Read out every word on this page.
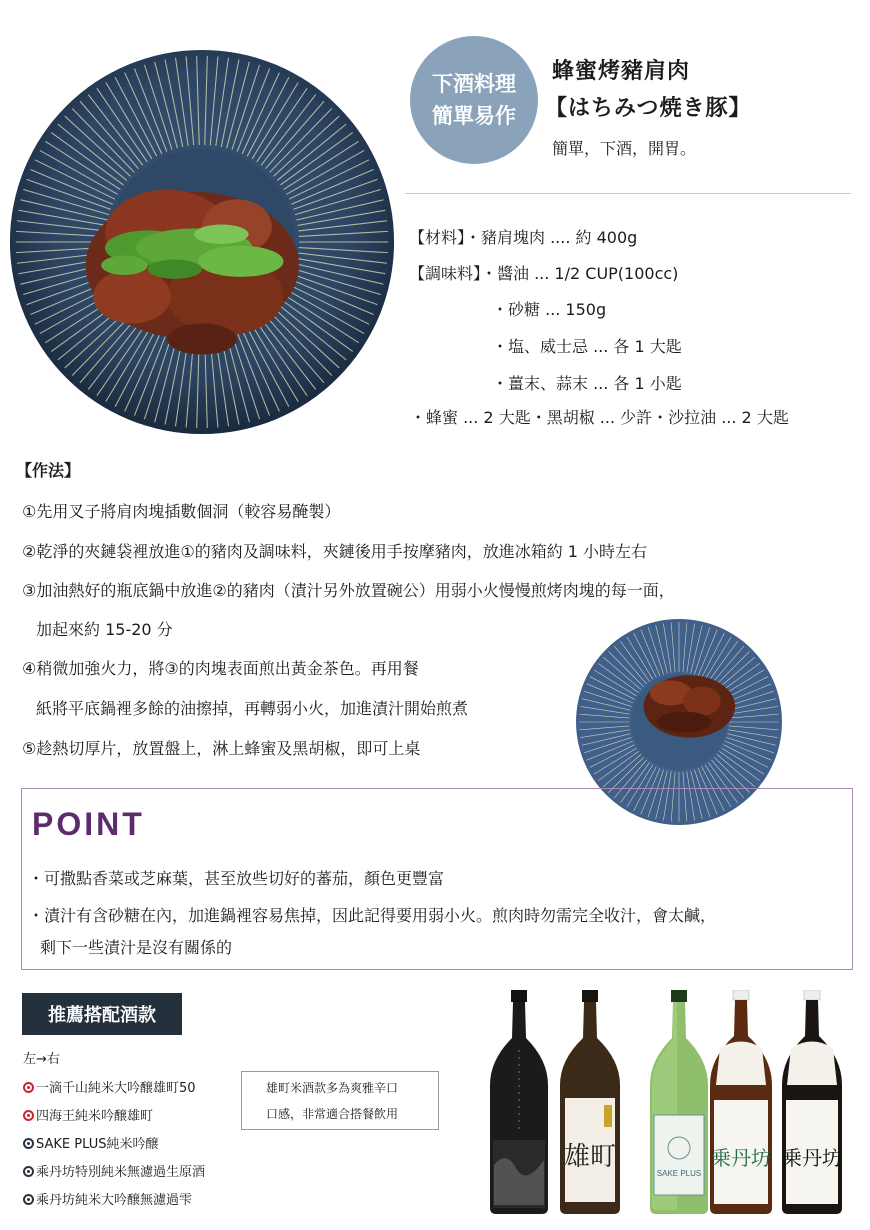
下酒料理
簡單易作
蜂蜜烤豬肩肉
【はちみつ焼き豚】
簡單，下酒，開胃。
【材料】・豬肩塊肉 .... 約 400g
【調味料】・醬油 ... 1/2 CUP(100cc)
・砂糖 ... 150g
・塩、威士忌 ... 各 1 大匙
・薑末、蒜末 ... 各 1 小匙
・蜂蜜 ... 2 大匙・黑胡椒 ... 少許・沙拉油 ... 2 大匙
【作法】
①先用叉子將肩肉塊插數個洞（較容易醃製）
②乾淨的夾鏈袋裡放進①的豬肉及調味料，夾鏈後用手按摩豬肉，放進冰箱約 1 小時左右
③加油熱好的瓶底鍋中放進②的豬肉（漬汁另外放置碗公）用弱小火慢慢煎烤肉塊的每一面，
加起來約 15-20 分
④稍微加強火力，將③的肉塊表面煎出黃金茶色。再用餐
紙將平底鍋裡多餘的油擦掉，再轉弱小火，加進漬汁開始煎煮
⑤趁熱切厚片，放置盤上，淋上蜂蜜及黑胡椒，即可上桌
POINT
・可撒點香菜或芝麻葉，甚至放些切好的蕃茄，顏色更豐富
・漬汁有含砂糖在內，加進鍋裡容易焦掉，因此記得要用弱小火。煎肉時勿需完全收汁，會太鹹，
剩下一些漬汁是沒有關係的
推薦搭配酒款
左→右
一滴千山純米大吟醸雄町50
四海王純米吟醸雄町
SAKE PLUS純米吟醸
乘丹坊特別純米無濾過生原酒
乘丹坊純米大吟醸無濾過雫
雄町米酒款多為爽雅辛口
口感，非常適合搭餐飲用
雄町
SAKE PLUS
乗丹坊 乗丹坊
